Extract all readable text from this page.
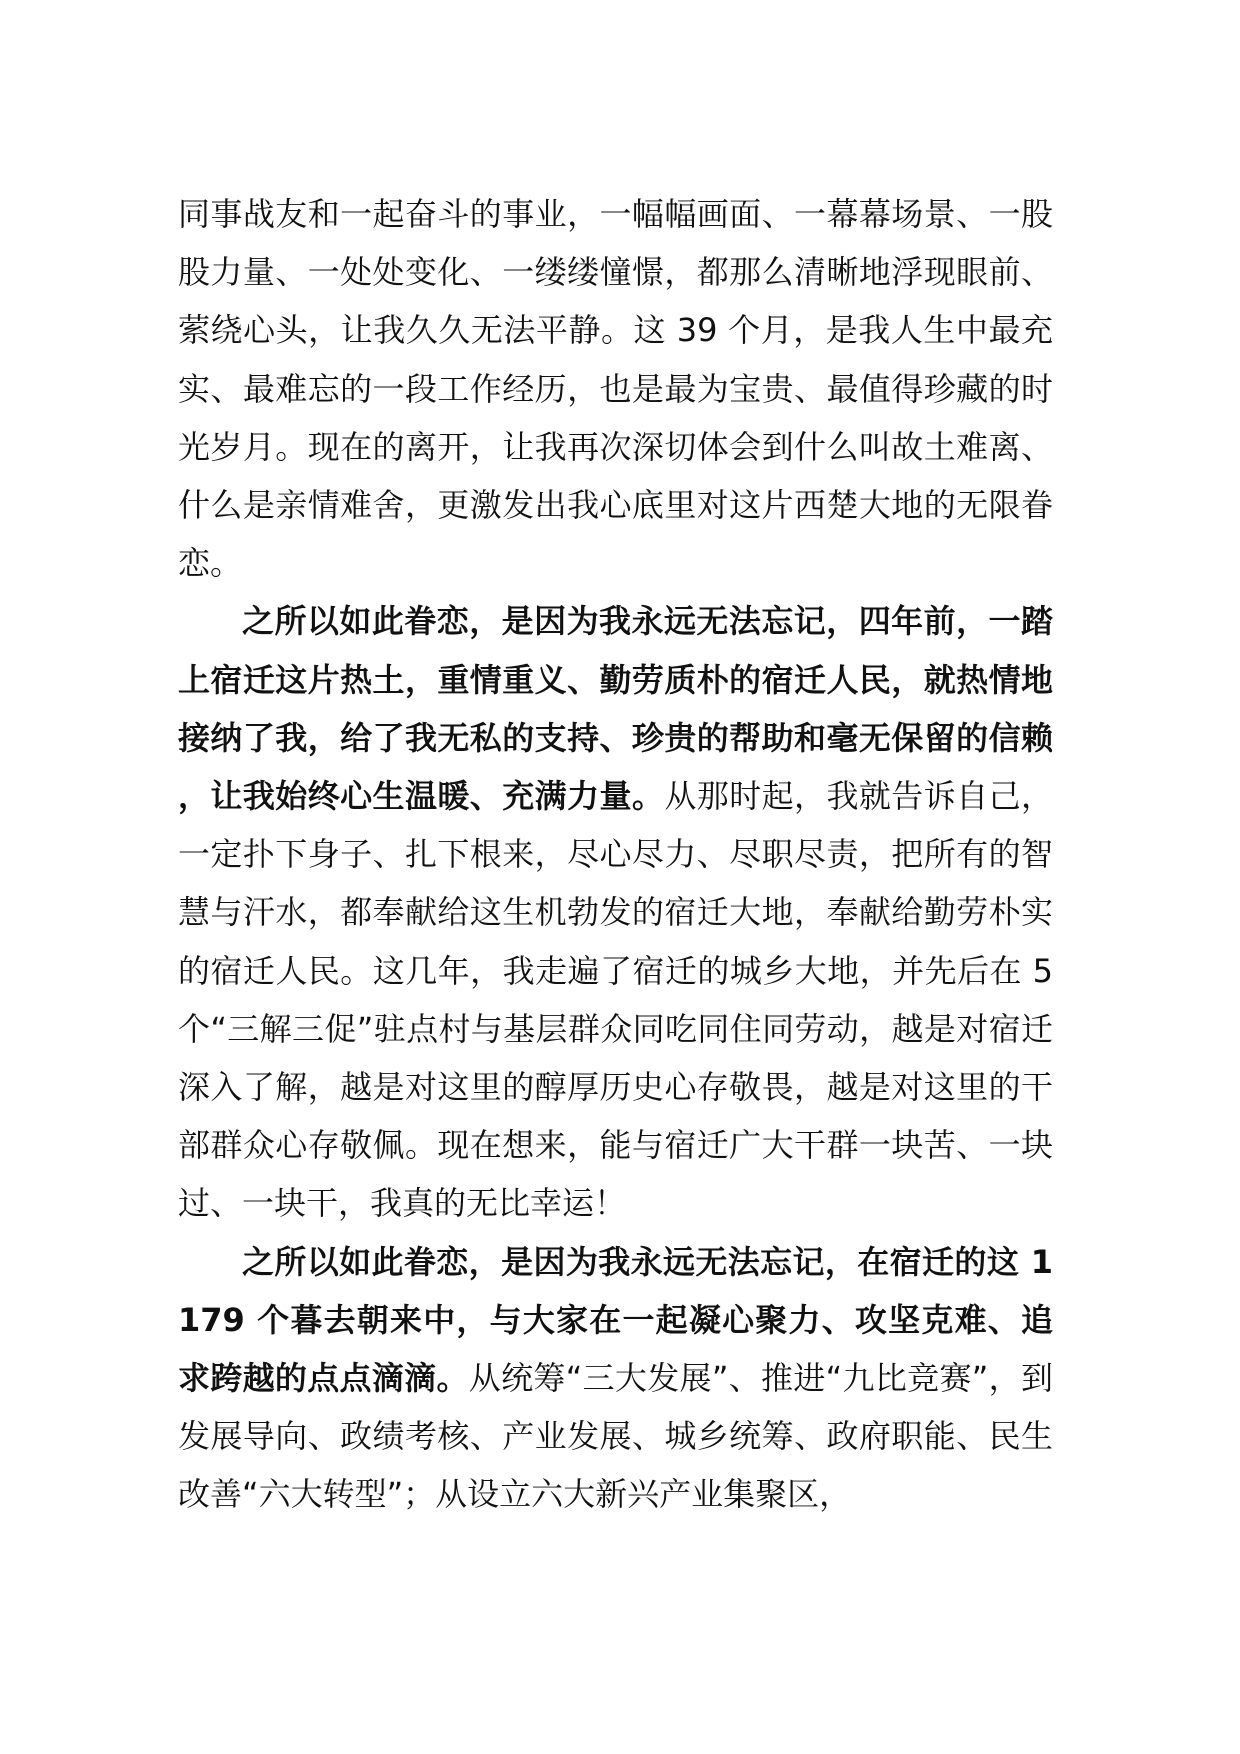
同事战友和一起奋斗的事业，一幅幅画面、一幕幕场景、一股股力量、一处处变化、一缕缕憧憬，都那么清晰地浮现眼前、萦绕心头，让我久久无法平静。这 39 个月，是我人生中最充实、最难忘的一段工作经历，也是最为宝贵、最值得珍藏的时光岁月。现在的离开，让我再次深切体会到什么叫故土难离、什么是亲情难舍，更激发出我心底里对这片西楚大地的无限眷恋。

之所以如此眷恋，是因为我永远无法忘记，四年前，一踏上宿迁这片热土，重情重义、勤劳质朴的宿迁人民，就热情地接纳了我，给了我无私的支持、珍贵的帮助和毫无保留的信赖，让我始终心生温暖、充满力量。从那时起，我就告诉自己，一定扑下身子、扎下根来，尽心尽力、尽职尽责，把所有的智慧与汗水，都奉献给这生机勃发的宿迁大地，奉献给勤劳朴实的宿迁人民。这几年，我走遍了宿迁的城乡大地，并先后在 5 个“三解三促”驻点村与基层群众同吃同住同劳动，越是对宿迁深入了解，越是对这里的醇厚历史心存敬畏，越是对这里的干部群众心存敬佩。现在想来，能与宿迁广大干群一块苦、一块过、一块干，我真的无比幸运！

之所以如此眷恋，是因为我永远无法忘记，在宿迁的这 1179 个暮去朝来中，与大家在一起凝心聚力、攻坚克难、追求跨越的点点滴滴。从统筹“三大发展”、推进“九比竞赛”，到发展导向、政绩考核、产业发展、城乡统筹、政府职能、民生改善“六大转型”；从设立六大新兴产业集聚区，
